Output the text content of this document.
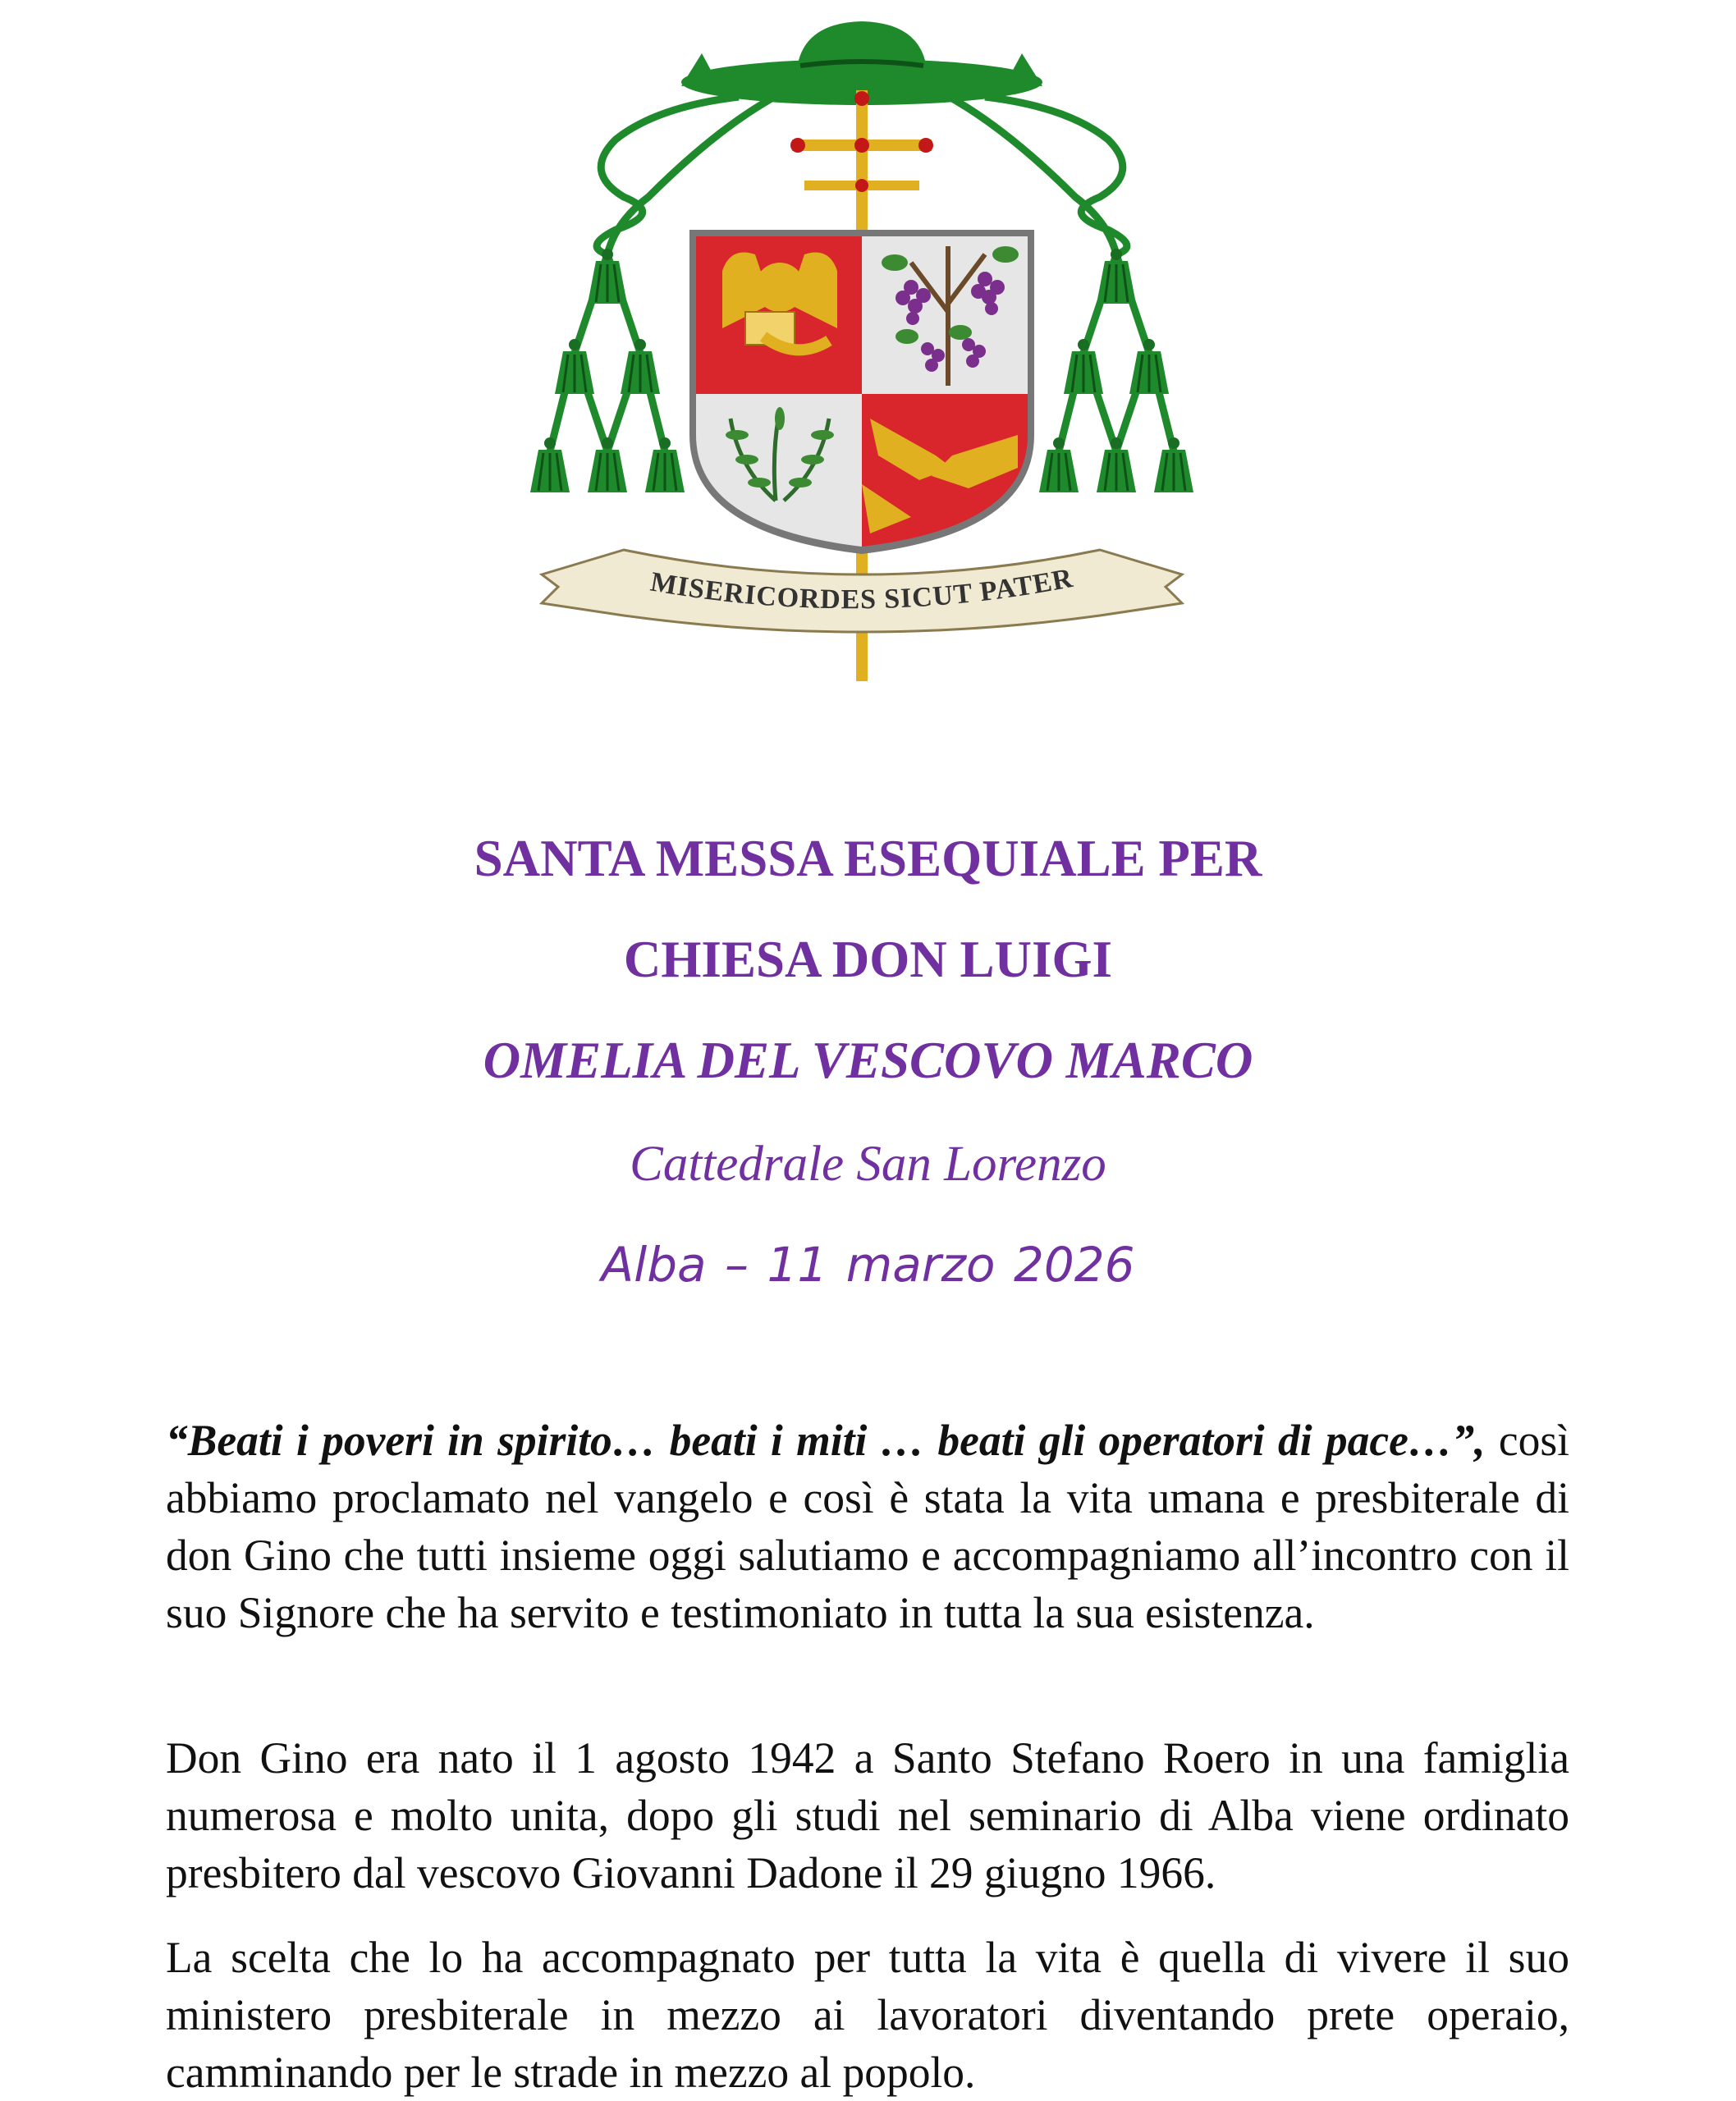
MISERICORDES SICUT PATER
SANTA MESSA ESEQUIALE PER
CHIESA DON LUIGI
OMELIA DEL VESCOVO MARCO
Cattedrale San Lorenzo
Alba – 11 marzo 2026

“Beati i poveri in spirito… beati i miti … beati gli operatori di pace…”, così abbiamo proclamato nel vangelo e così è stata la vita umana e presbiterale di don Gino che tutti insieme oggi salutiamo e accompagniamo all’incontro con il suo Signore che ha servito e testimoniato in tutta la sua esistenza.

Don Gino era nato il 1 agosto 1942 a Santo Stefano Roero in una famiglia numerosa e molto unita, dopo gli studi nel seminario di Alba viene ordinato presbitero dal vescovo Giovanni Dadone il 29 giugno 1966.

La scelta che lo ha accompagnato per tutta la vita è quella di vivere il suo ministero presbiterale in mezzo ai lavoratori diventando prete operaio, camminando per le strade in mezzo al popolo.
